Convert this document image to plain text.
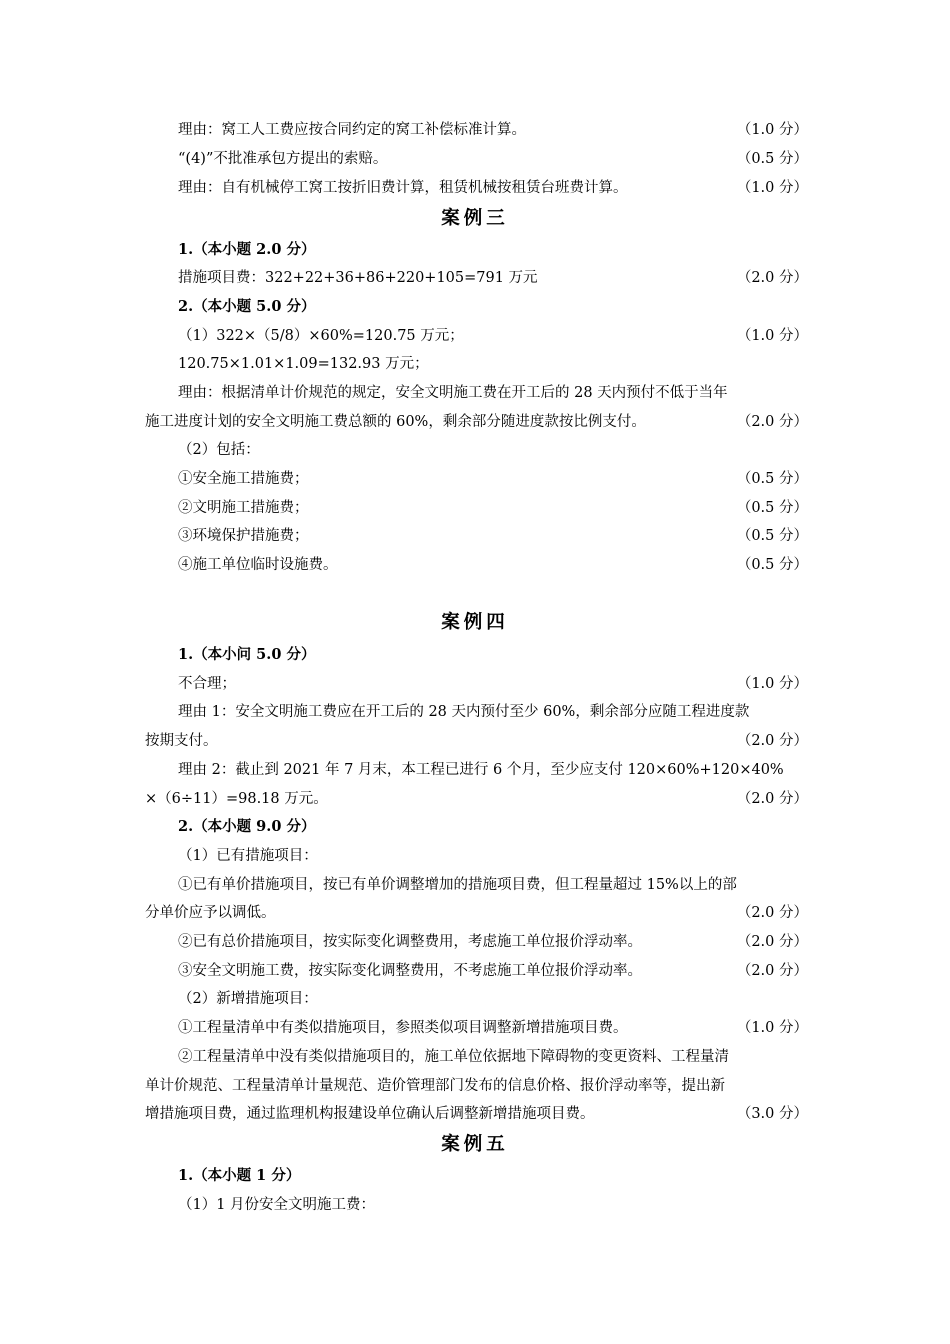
理由：窝工人工费应按合同约定的窝工补偿标准计算。	（1.0 分）
“(4)”不批准承包方提出的索赔。	（0.5 分）
理由：自有机械停工窝工按折旧费计算，租赁机械按租赁台班费计算。	（1.0 分）
案例三
1.（本小题 2.0 分）
措施项目费：322+22+36+86+220+105=791 万元	（2.0 分）
2.（本小题 5.0 分）
（1）322×（5/8）×60%=120.75 万元；	（1.0 分）
120.75×1.01×1.09=132.93 万元；
理由：根据清单计价规范的规定，安全文明施工费在开工后的 28 天内预付不低于当年
施工进度计划的安全文明施工费总额的 60%，剩余部分随进度款按比例支付。	（2.0 分）
（2）包括：
①安全施工措施费；	（0.5 分）
②文明施工措施费；	（0.5 分）
③环境保护措施费；	（0.5 分）
④施工单位临时设施费。	（0.5 分）
案例四
1.（本小问 5.0 分）
不合理；	（1.0 分）
理由 1：安全文明施工费应在开工后的 28 天内预付至少 60%，剩余部分应随工程进度款
按期支付。	（2.0 分）
理由 2：截止到 2021 年 7 月末，本工程已进行 6 个月，至少应支付 120×60%+120×40%
×（6÷11）=98.18 万元。	（2.0 分）
2.（本小题 9.0 分）
（1）已有措施项目：
①已有单价措施项目，按已有单价调整增加的措施项目费，但工程量超过 15%以上的部
分单价应予以调低。	（2.0 分）
②已有总价措施项目，按实际变化调整费用，考虑施工单位报价浮动率。	（2.0 分）
③安全文明施工费，按实际变化调整费用，不考虑施工单位报价浮动率。	（2.0 分）
（2）新增措施项目：
①工程量清单中有类似措施项目，参照类似项目调整新增措施项目费。	（1.0 分）
②工程量清单中没有类似措施项目的，施工单位依据地下障碍物的变更资料、工程量清
单计价规范、工程量清单计量规范、造价管理部门发布的信息价格、报价浮动率等，提出新
增措施项目费，通过监理机构报建设单位确认后调整新增措施项目费。	（3.0 分）
案例五
1.（本小题 1 分）
（1）1 月份安全文明施工费：
